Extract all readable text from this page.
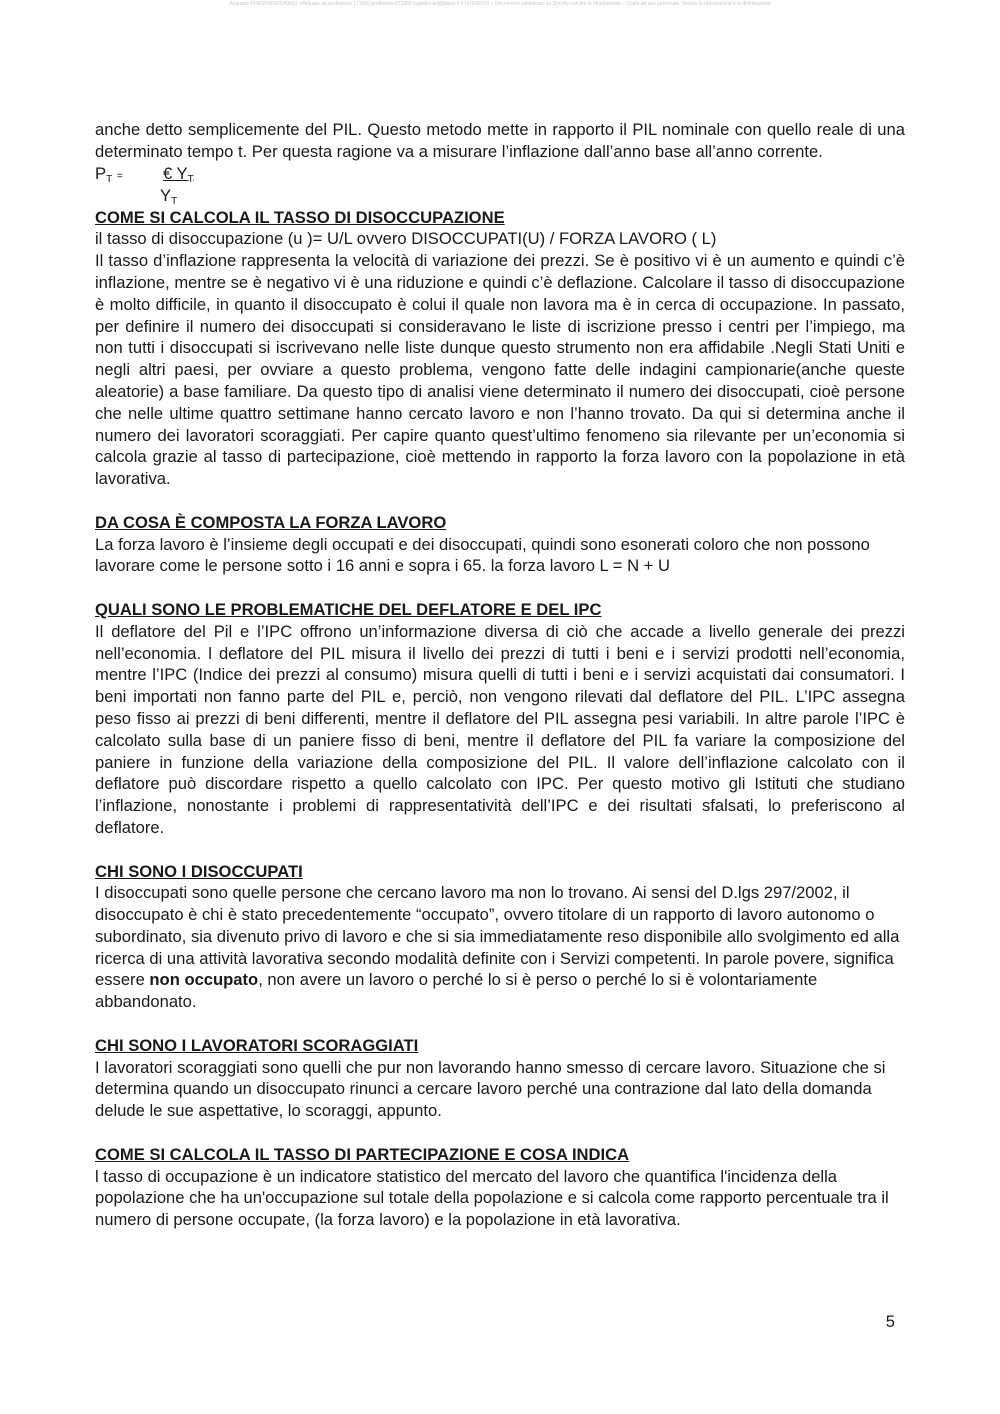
Acquisto YFMG5N63P5H05S1 effettuato da professore 171060 professore171060 logistico ad@libero.it il 15/10/2019 – Documento pubblicato su Docsity con fini di sfruttamento – Copia ad uso personale. Vietata la riproduzione e la distribuzione

anche detto semplicemente del PIL. Questo metodo mette in rapporto il PIL nominale con quello reale di una determinato tempo t. Per questa ragione va a misurare l’inflazione dall’anno base all’anno corrente.

$P_T$ = € $Y_T$
$Y_T$
COME SI CALCOLA IL TASSO DI DISOCCUPAZIONE

il tasso di disoccupazione (u )= U/L ovvero DISOCCUPATI(U) / FORZA LAVORO ( L)

Il tasso d’inflazione rappresenta la velocità di variazione dei prezzi. Se è positivo vi è un aumento e quindi c’è inflazione, mentre se è negativo vi è una riduzione e quindi c’è deflazione. Calcolare il tasso di disoccupazione è molto difficile, in quanto il disoccupato è colui il quale non lavora ma è in cerca di occupazione. In passato, per definire il numero dei disoccupati si consideravano le liste di iscrizione presso i centri per l’impiego, ma non tutti i disoccupati si iscrivevano nelle liste dunque questo strumento non era affidabile .Negli Stati Uniti e negli altri paesi, per ovviare a questo problema, vengono fatte delle indagini campionarie(anche queste aleatorie) a base familiare. Da questo tipo di analisi viene determinato il numero dei disoccupati, cioè persone che nelle ultime quattro settimane hanno cercato lavoro e non l’hanno trovato. Da qui si determina anche il numero dei lavoratori scoraggiati. Per capire quanto quest’ultimo fenomeno sia rilevante per un’economia si calcola grazie al tasso di partecipazione, cioè mettendo in rapporto la forza lavoro con la popolazione in età lavorativa.

DA COSA È COMPOSTA LA FORZA LAVORO

La forza lavoro è l’insieme degli occupati e dei disoccupati, quindi sono esonerati coloro che non possono lavorare come le persone sotto i 16 anni e sopra i 65. la forza lavoro L = N + U

QUALI SONO LE PROBLEMATICHE DEL DEFLATORE E DEL IPC

Il deflatore del Pil e l’IPC offrono un’informazione diversa di ciò che accade a livello generale dei prezzi nell’economia. l deflatore del PIL misura il livello dei prezzi di tutti i beni e i servizi prodotti nell’economia, mentre l’IPC (Indice dei prezzi al consumo) misura quelli di tutti i beni e i servizi acquistati dai consumatori. I beni importati non fanno parte del PIL e, perciò, non vengono rilevati dal deflatore del PIL. L’IPC assegna peso fisso ai prezzi di beni differenti, mentre il deflatore del PIL assegna pesi variabili. In altre parole l’IPC è calcolato sulla base di un paniere fisso di beni, mentre il deflatore del PIL fa variare la composizione del paniere in funzione della variazione della composizione del PIL. Il valore dell’inflazione calcolato con il deflatore può discordare rispetto a quello calcolato con IPC. Per questo motivo gli Istituti che studiano l’inflazione, nonostante i problemi di rappresentatività dell’IPC e dei risultati sfalsati, lo preferiscono al deflatore.

CHI SONO I DISOCCUPATI

I disoccupati sono quelle persone che cercano lavoro ma non lo trovano. Ai sensi del D.lgs 297/2002, il disoccupato è chi è stato precedentemente “occupato”, ovvero titolare di un rapporto di lavoro autonomo o subordinato, sia divenuto privo di lavoro e che si sia immediatamente reso disponibile allo svolgimento ed alla ricerca di una attività lavorativa secondo modalità definite con i Servizi competenti. In parole povere, significa essere non occupato, non avere un lavoro o perché lo si è perso o perché lo si è volontariamente abbandonato.

CHI SONO I LAVORATORI SCORAGGIATI

I lavoratori scoraggiati sono quelli che pur non lavorando hanno smesso di cercare lavoro. Situazione che si determina quando un disoccupato rinunci a cercare lavoro perché una contrazione dal lato della domanda delude le sue aspettative, lo scoraggi, appunto.

COME SI CALCOLA IL TASSO DI PARTECIPAZIONE E COSA INDICA

l tasso di occupazione è un indicatore statistico del mercato del lavoro che quantifica l'incidenza della popolazione che ha un'occupazione sul totale della popolazione e si calcola come rapporto percentuale tra il numero di persone occupate, (la forza lavoro) e la popolazione in età lavorativa.

5
